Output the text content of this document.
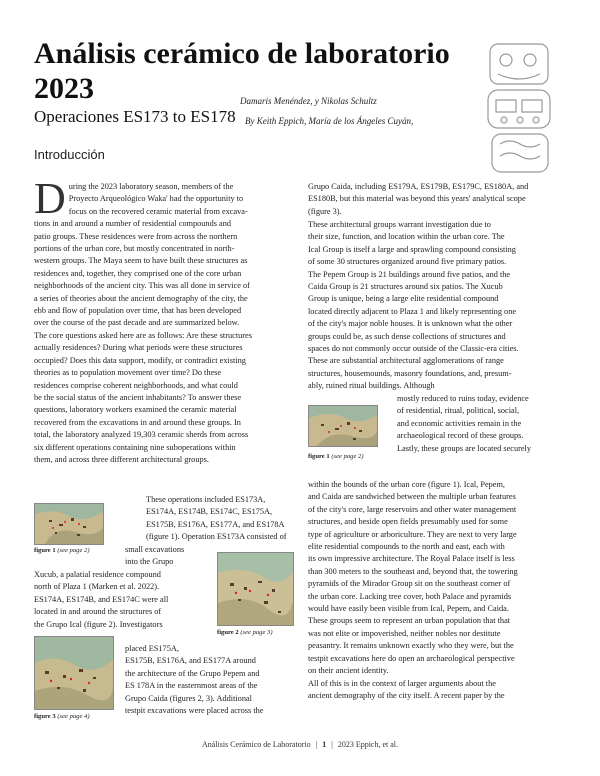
Análisis cerámico de laboratorio
2023
Operaciones ES173 to ES178
Damaris Menéndez, y Nikolas Schultz
By Keith Eppich, María de los Ángeles Cuyán,
Introducción
D uring the 2023 laboratory season, members of the

Proyecto Arqueológico Waka' had the opportunity to

focus on the recovered ceramic material from excava-

tions in and around a number of residential compounds and

patio groups. These residences were from across the northern

portions of the urban core, but mostly concentrated in north-

western groups. The Maya seem to have built these structures as

residences and, together, they comprised one of the core urban

neighborhoods of the ancient city. This was all done in service of

a series of theories about the ancient demography of the city, the

ebb and flow of population over time, that has been developed

over the course of the past decade and are summarized below.

The core questions asked here are as follows: Are these structures

actually residences? During what periods were these structures

occupied? Does this data support, modify, or contradict existing

theories as to population movement over time? Do these

residences comprise coherent neighborhoods, and what could

be the social status of the ancient inhabitants? To answer these

questions, laboratory workers examined the ceramic material

recovered from the excavations in and around these groups. In

total, the laboratory analyzed 19,303 ceramic sherds from across

six different operations containing nine suboperations within

them, and across three different architectural groups.

figure 1 (see page 2)

These operations included ES173A,

ES174A, ES174B, ES174C, ES175A,

ES175B, ES176A, ES177A, and ES178A

(figure 1). Operation ES173A consisted of

small excavations

into the Grupo

figure 2 (see page 3)

Xucub, a palatial residence compound

north of Plaza 1 (Marken et al. 2022).

ES174A, ES174B, and ES174C were all

located in and around the structures of

the Grupo Ical (figure 2). Investigators

figure 3 (see page 4)

placed ES175A,

ES175B, ES176A, and ES177A around

the architecture of the Grupo Pepem and

ES 178A in the easternmost areas of the

Grupo Caida (figures 2, 3). Additional

testpit excavations were placed across the

Grupo Caida, including ES179A, ES179B, ES179C, ES180A, and

ES180B, but this material was beyond this years' analytical scope

(figure 3).

These architectural groups warrant investigation due to

their size, function, and location within the urban core. The

Ical Group is itself a large and sprawling compound consisting

of some 30 structures organized around five primary patios.

The Pepem Group is 21 buildings around five patios, and the

Caida Group is 21 structures around six patios. The Xucub

Group is unique, being a large elite residential compound

located directly adjacent to Plaza 1 and likely representing one

of the city's major noble houses. It is unknown what the other

groups could be, as such dense collections of structures and

spaces do not commonly occur outside of the Classic-era cities.

These are substantial architectural agglomerations of range

structures, housemounds, masonry foundations, and, presum-

ably, ruined ritual buildings. Although

figure 1 (see page 2)

mostly reduced to ruins today, evidence

of residential, ritual, political, social,

and economic activities remain in the

archaeological record of these groups.

Lastly, these groups are located securely

within the bounds of the urban core (figure 1). Ical, Pepem,

and Caida are sandwiched between the multiple urban features

of the city's core, large reservoirs and other water management

structures, and beside open fields presumably used for some

type of agriculture or arboriculture. They are next to very large

elite residential compounds to the north and east, each with

its own impressive architecture. The Royal Palace itself is less

than 300 meters to the southeast and, beyond that, the towering

pyramids of the Mirador Group sit on the southeast corner of

the urban core. Lacking tree cover, both Palace and pyramids

would have easily been visible from Ical, Pepem, and Caida.

These groups seem to represent an urban population that that

was not elite or impoverished, neither nobles nor destitute

peasantry. It remains unknown exactly who they were, but the

testpit excavations here do open an archaeological perspective

on their ancient identity.

All of this is in the context of larger arguments about the

ancient demography of the city itself. A recent paper by the

Análisis Cerámico de Laboratorio | 1 | 2023 Eppich, et al.
